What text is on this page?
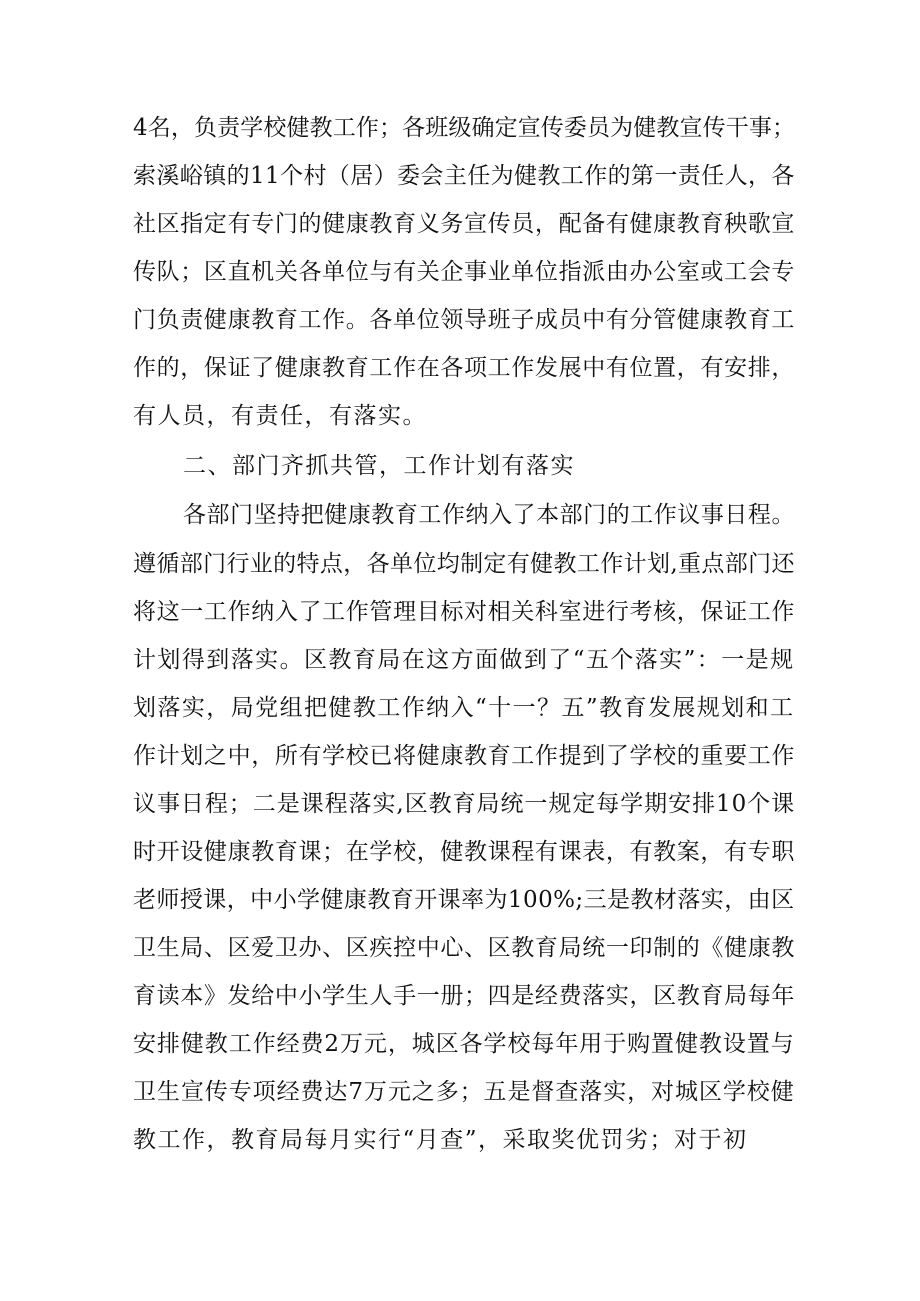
4名，负责学校健教工作；各班级确定宣传委员为健教宣传干事；
索溪峪镇的11个村（居）委会主任为健教工作的第一责任人，各
社区指定有专门的健康教育义务宣传员，配备有健康教育秧歌宣
传队；区直机关各单位与有关企事业单位指派由办公室或工会专
门负责健康教育工作。各单位领导班子成员中有分管健康教育工
作的，保证了健康教育工作在各项工作发展中有位置，有安排，
有人员，有责任，有落实。
二、部门齐抓共管，工作计划有落实
各部门坚持把健康教育工作纳入了本部门的工作议事日程。
遵循部门行业的特点，各单位均制定有健教工作计划,重点部门还
将这一工作纳入了工作管理目标对相关科室进行考核，保证工作
计划得到落实。区教育局在这方面做到了“五个落实”：一是规
划落实，局党组把健教工作纳入“十一？五”教育发展规划和工
作计划之中，所有学校已将健康教育工作提到了学校的重要工作
议事日程；二是课程落实,区教育局统一规定每学期安排10个课
时开设健康教育课；在学校，健教课程有课表，有教案，有专职
老师授课，中小学健康教育开课率为100%;三是教材落实，由区
卫生局、区爱卫办、区疾控中心、区教育局统一印制的《健康教
育读本》发给中小学生人手一册；四是经费落实，区教育局每年
安排健教工作经费2万元，城区各学校每年用于购置健教设置与
卫生宣传专项经费达7万元之多；五是督查落实，对城区学校健
教工作，教育局每月实行“月查”，采取奖优罚劣；对于初
